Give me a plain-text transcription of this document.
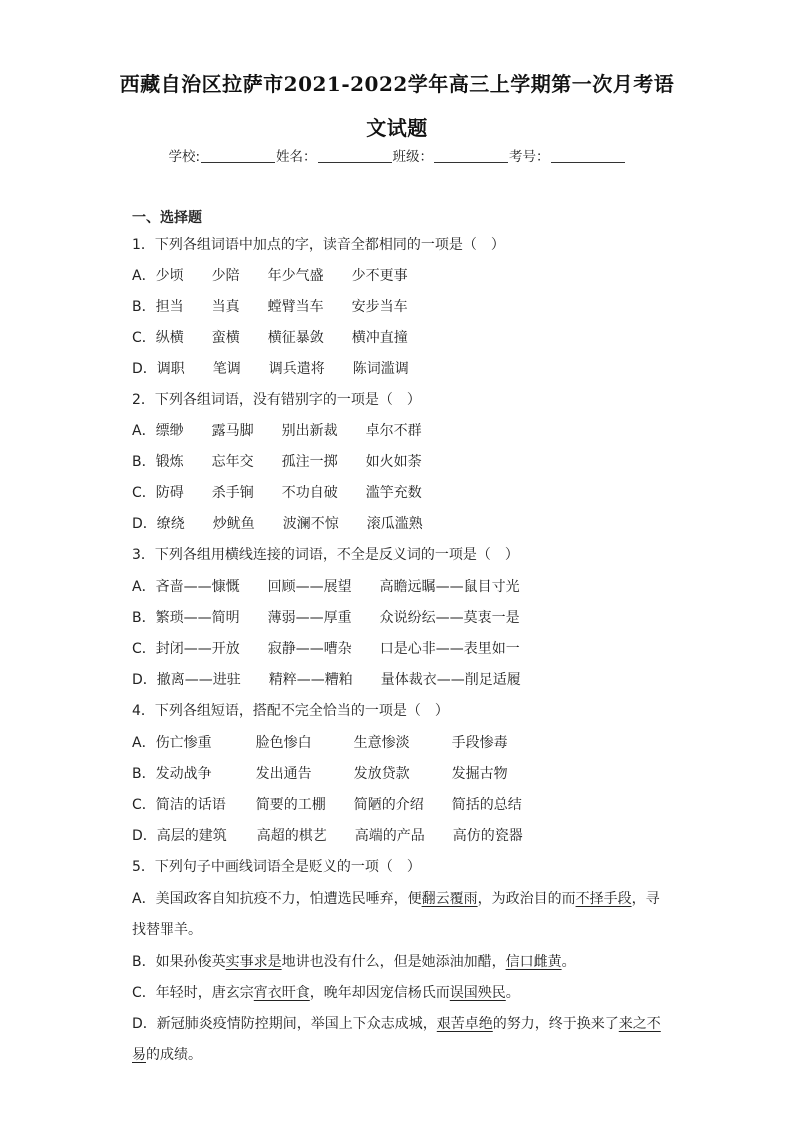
西藏自治区拉萨市2021-2022学年高三上学期第一次月考语
文试题
学校:	姓名：	班级：	考号：
一、选择题
1．下列各组词语中加点的字，读音全都相同的一项是（　）
A．少顷 少陪 年少气盛 少不更事
B．担当 当真 螳臂当车 安步当车
C．纵横 蛮横 横征暴敛 横冲直撞
D．调职 笔调 调兵遣将 陈词滥调
2．下列各组词语，没有错别字的一项是（　）
A．缥缈 露马脚 别出新裁 卓尔不群
B．锻炼 忘年交 孤注一掷 如火如荼
C．防碍 杀手锏 不功自破 滥竽充数
D．缭绕 炒鱿鱼 波澜不惊 滚瓜滥熟
3．下列各组用横线连接的词语，不全是反义词的一项是（　）
A．吝啬——慷慨 回顾——展望 高瞻远瞩——鼠目寸光
B．繁琐——简明 薄弱——厚重 众说纷纭——莫衷一是
C．封闭——开放 寂静——嘈杂 口是心非——表里如一
D．撤离——进驻 精粹——糟粕 量体裁衣——削足适履
4．下列各组短语，搭配不完全恰当的一项是（　）
A．伤亡惨重	脸色惨白	生意惨淡	手段惨毒
B．发动战争	发出通告	发放贷款	发掘古物
C．简洁的话语 简要的工棚 简陋的介绍 简括的总结
D．高层的建筑 高超的棋艺 高端的产品 高仿的瓷器
5．下列句子中画线词语全是贬义的一项（　）
A．美国政客自知抗疫不力，怕遭选民唾弃，便翻云覆雨，为政治目的而不择手段，寻
找替罪羊。
B．如果孙俊英实事求是地讲也没有什么，但是她添油加醋，信口雌黄。
C．年轻时，唐玄宗宵衣旰食，晚年却因宠信杨氏而误国殃民。
D．新冠肺炎疫情防控期间，举国上下众志成城，艰苦卓绝的努力，终于换来了来之不
易的成绩。
